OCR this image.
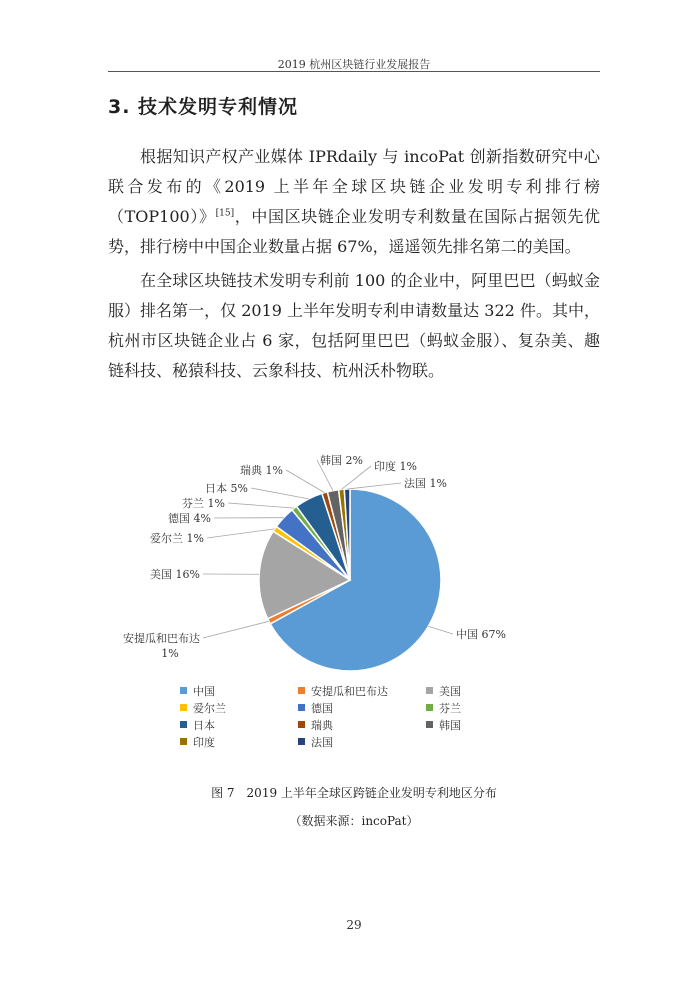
2019 杭州区块链行业发展报告
3. 技术发明专利情况

根据知识产权产业媒体 IPRdaily 与 incoPat 创新指数研究中心联合发布的《2019 上半年全球区块链企业发明专利排行榜（TOP100）》[15]，中国区块链企业发明专利数量在国际占据领先优势，排行榜中中国企业数量占据 67%，遥遥领先排名第二的美国。

在全球区块链技术发明专利前 100 的企业中，阿里巴巴（蚂蚁金服）排名第一，仅 2019 上半年发明专利申请数量达 322 件。其中，杭州市区块链企业占 6 家，包括阿里巴巴（蚂蚁金服）、复杂美、趣链科技、秘猿科技、云象科技、杭州沃朴物联。

中国 67%
安提瓜和巴布达
1%
美国 16%
爱尔兰 1%
德国 4%
芬兰 1%
日本 5%
瑞典 1%
韩国 2% 印度 1%
法国 1%
中国	安提瓜和巴布达	美国
爱尔兰	德国	芬兰
日本	瑞典	韩国
印度	法国
图 7　2019 上半年全球区跨链企业发明专利地区分布
（数据来源：incoPat）
29
